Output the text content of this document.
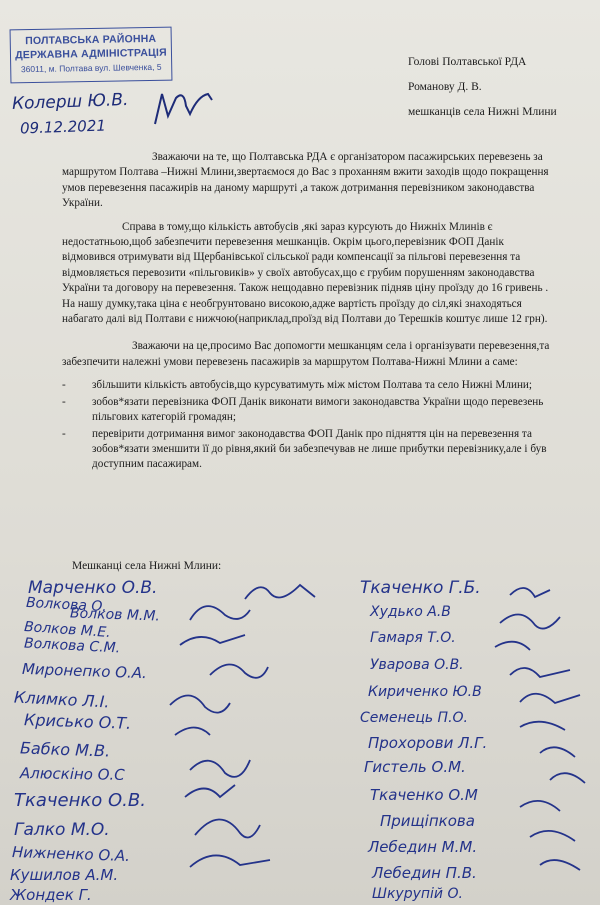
ПОЛТАВСЬКА РАЙОННА
ДЕРЖАВНА АДМІНІСТРАЦІЯ
36011, м. Полтава вул. Шевченка, 5
Колерш Ю.В.
09.12.2021
Голові Полтавської РДА
Романову Д. В.
мешканців села Нижні Млини

Зважаючи на те, що Полтавська РДА є організатором пасажирських перевезень за маршрутом Полтава –Нижні Млини,звертаємося до Вас з проханням вжити заходів щодо покращення умов перевезення пасажирів на даному маршруті ,а також дотримання перевізником законодавства України.

Справа в тому,що кількість автобусів ,які зараз курсують до Нижніх Млинів є недостатньою,щоб забезпечити перевезення мешканців. Окрім цього,перевізник ФОП Данік відмовився отримувати від Щербанівської сільської ради компенсації за пільгові перевезення та відмовляється перевозити «пільговиків» у своїх автобусах,що є грубим порушенням законодавства України та договору на перевезення. Також нещодавно перевізник підняв ціну проїзду до 16 гривень . На нашу думку,така ціна є необгрунтовано високою,адже вартість проїзду до сіл,які знаходяться набагато далі від Полтави є нижчою(наприклад,проїзд від Полтави до Терешків коштує лише 12 грн).

Зважаючи на це,просимо Вас допомогти мешканцям села і організувати перевезення,та забезпечити належні умови перевезень пасажирів за маршрутом Полтава-Нижні Млини а саме:

- збільшити кількість автобусів,що курсуватимуть між містом Полтава та село Нижні Млини;
- зобов*язати перевізника ФОП Данік виконати вимоги законодавства України щодо перевезень пільгових категорій громадян;
- перевірити дотримання вимог законодавства ФОП Данік про підняття цін на перевезення та зобов*язати зменшити її до рівня,який би забезпечував не лише прибутки перевізнику,але і був доступним пасажирам.
Мешканці села Нижні Млини:
Марченко О.В.
Волкова О.
Волков М.М.
Волков М.Е.
Волкова С.М.
Миронепко О.А.
Климко Л.І.
Крисько О.Т.
Бабко М.В.
Алюскіно О.С
Ткаченко О.В.
Галко М.О.
Нижненко О.А.
Кушилов А.М.
Жондек Г.
Ткаченко Г.Б.
Худько А.В
Гамаря Т.О.
Уварова О.В.
Кириченко Ю.В
Семенець П.О.
Прохорови Л.Г.
Гистель О.М.
Ткаченко О.М
Прищіпкова
Лебедин М.М.
Лебедин П.В.
Шкурупій О.
